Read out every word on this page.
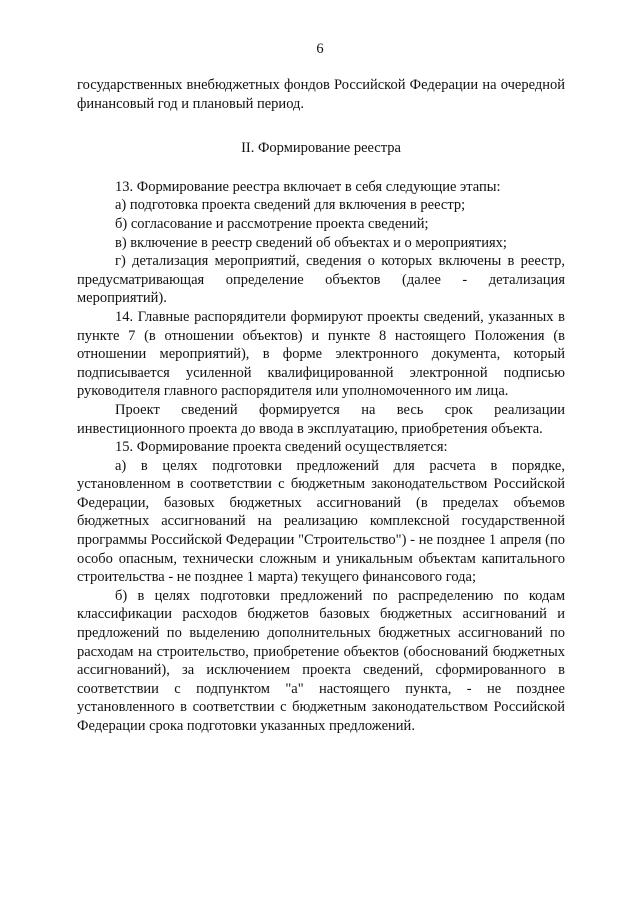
6

государственных внебюджетных фондов Российской Федерации на очередной финансовый год и плановый период.

II. Формирование реестра

13. Формирование реестра включает в себя следующие этапы:

а) подготовка проекта сведений для включения в реестр;

б) согласование и рассмотрение проекта сведений;

в) включение в реестр сведений об объектах и о мероприятиях;

г) детализация мероприятий, сведения о которых включены в реестр, предусматривающая определение объектов (далее - детализация мероприятий).

14. Главные распорядители формируют проекты сведений, указанных в пункте 7 (в отношении объектов) и пункте 8 настоящего Положения (в отношении мероприятий), в форме электронного документа, который подписывается усиленной квалифицированной электронной подписью руководителя главного распорядителя или уполномоченного им лица.

Проект сведений формируется на весь срок реализации инвестиционного проекта до ввода в эксплуатацию, приобретения объекта.

15. Формирование проекта сведений осуществляется:

а) в целях подготовки предложений для расчета в порядке, установленном в соответствии с бюджетным законодательством Российской Федерации, базовых бюджетных ассигнований (в пределах объемов бюджетных ассигнований на реализацию комплексной государственной программы Российской Федерации "Строительство") - не позднее 1 апреля (по особо опасным, технически сложным и уникальным объектам капитального строительства - не позднее 1 марта) текущего финансового года;

б) в целях подготовки предложений по распределению по кодам классификации расходов бюджетов базовых бюджетных ассигнований и предложений по выделению дополнительных бюджетных ассигнований по расходам на строительство, приобретение объектов (обоснований бюджетных ассигнований), за исключением проекта сведений, сформированного в соответствии с подпунктом "а" настоящего пункта, - не позднее установленного в соответствии с бюджетным законодательством Российской Федерации срока подготовки указанных предложений.
